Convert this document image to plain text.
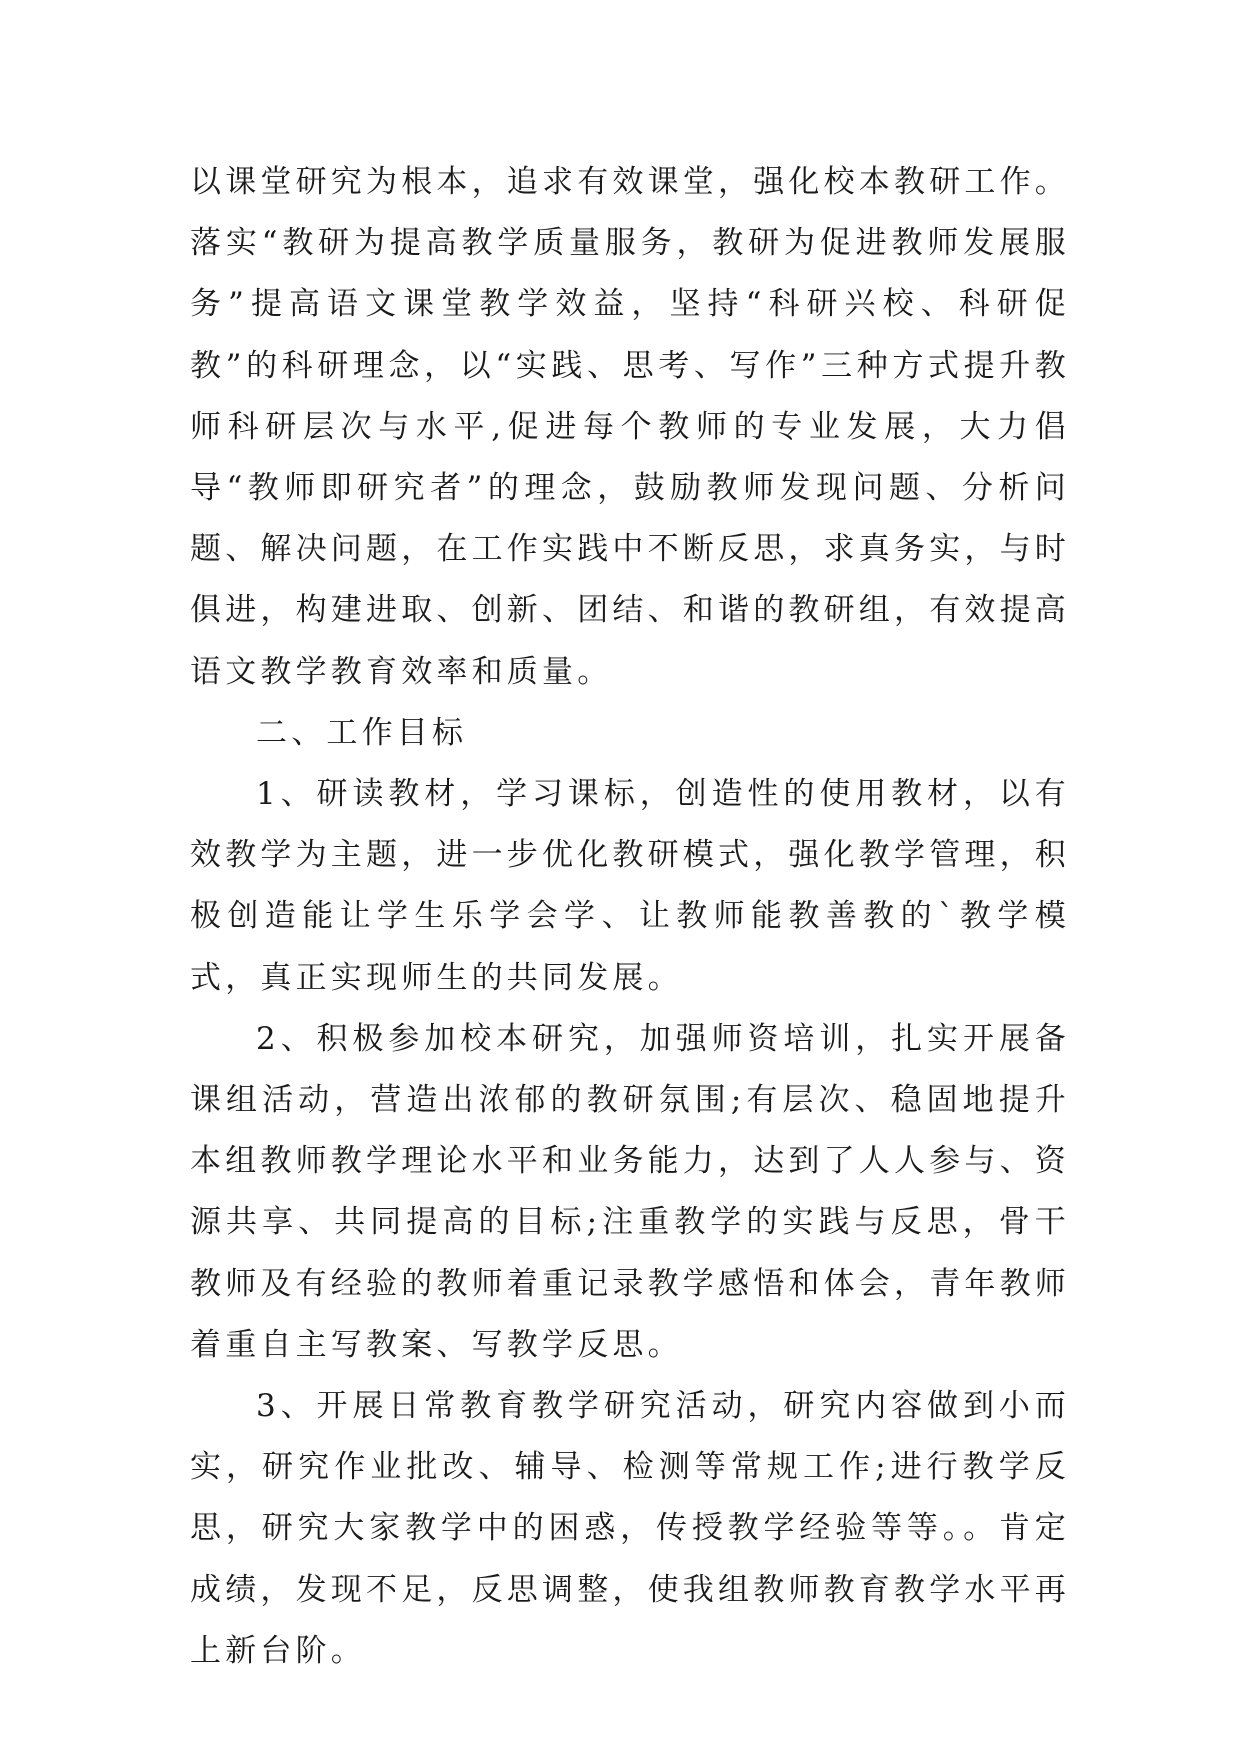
以课堂研究为根本，追求有效课堂，强化校本教研工作。落实“教研为提高教学质量服务，教研为促进教师发展服务”提高语文课堂教学效益，坚持“科研兴校、科研促教”的科研理念，以“实践、思考、写作”三种方式提升教师科研层次与水平,促进每个教师的专业发展，大力倡导“教师即研究者”的理念，鼓励教师发现问题、分析问题、解决问题，在工作实践中不断反思，求真务实，与时俱进，构建进取、创新、团结、和谐的教研组，有效提高语文教学教育效率和质量。

二、工作目标

1、研读教材，学习课标，创造性的使用教材，以有效教学为主题，进一步优化教研模式，强化教学管理，积极创造能让学生乐学会学、让教师能教善教的`教学模式，真正实现师生的共同发展。

2、积极参加校本研究，加强师资培训，扎实开展备课组活动，营造出浓郁的教研氛围;有层次、稳固地提升本组教师教学理论水平和业务能力，达到了人人参与、资源共享、共同提高的目标;注重教学的实践与反思，骨干教师及有经验的教师着重记录教学感悟和体会，青年教师着重自主写教案、写教学反思。

3、开展日常教育教学研究活动，研究内容做到小而实，研究作业批改、辅导、检测等常规工作;进行教学反思，研究大家教学中的困惑，传授教学经验等等。。肯定成绩，发现不足，反思调整，使我组教师教育教学水平再上新台阶。
